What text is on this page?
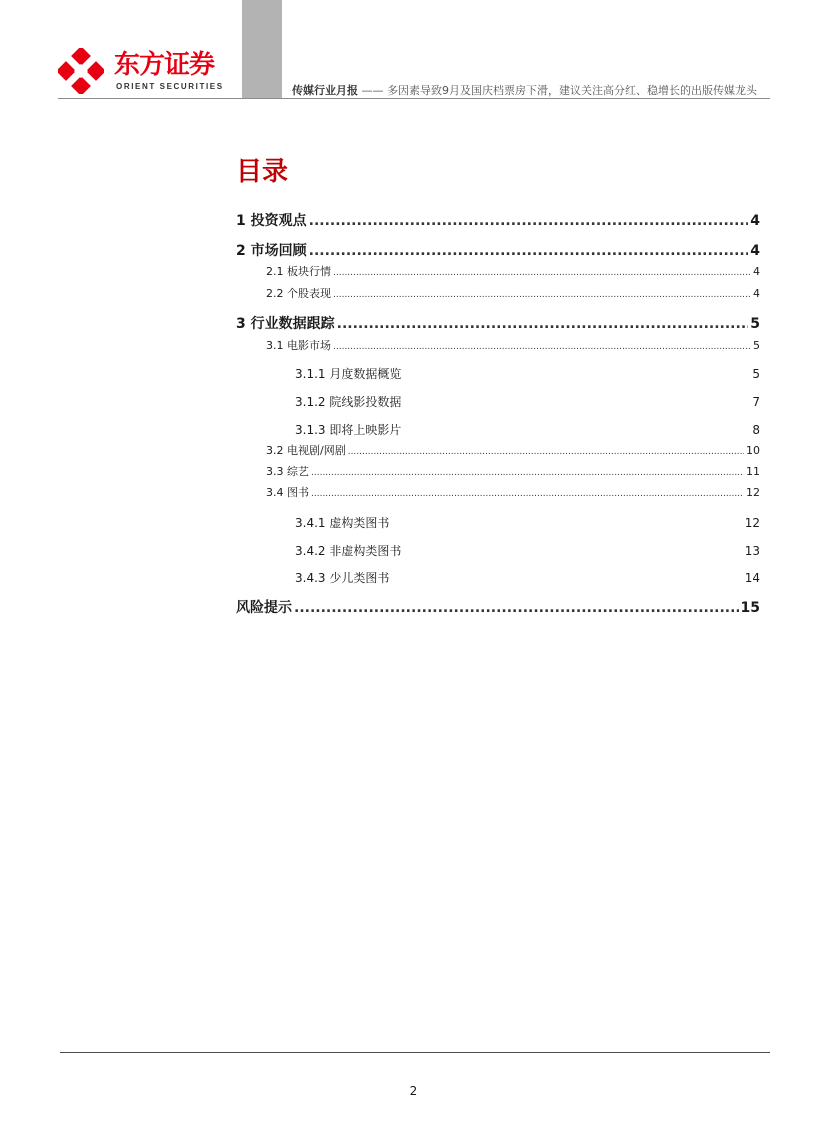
东方证券
ORIENT SECURITIES	传媒行业月报 —— 多因素导致9月及国庆档票房下滑，建议关注高分红、稳增长的出版传媒龙头
目录
1 投资观点 .....	4
2 市场回顾 .....	4
2.1 板块行情 .....	4
2.2 个股表现 .....	4
3 行业数据跟踪 .....	5
3.1 电影市场 .....	5
3.1.1 月度数据概览	5
3.1.2 院线影投数据	7
3.1.3 即将上映影片	8
3.2 电视剧/网剧 .....	10
3.3 综艺 .....	11
3.4 图书 .....	12
3.4.1 虚构类图书	12
3.4.2 非虚构类图书	13
3.4.3 少儿类图书	14
风险提示 .....	15
2
